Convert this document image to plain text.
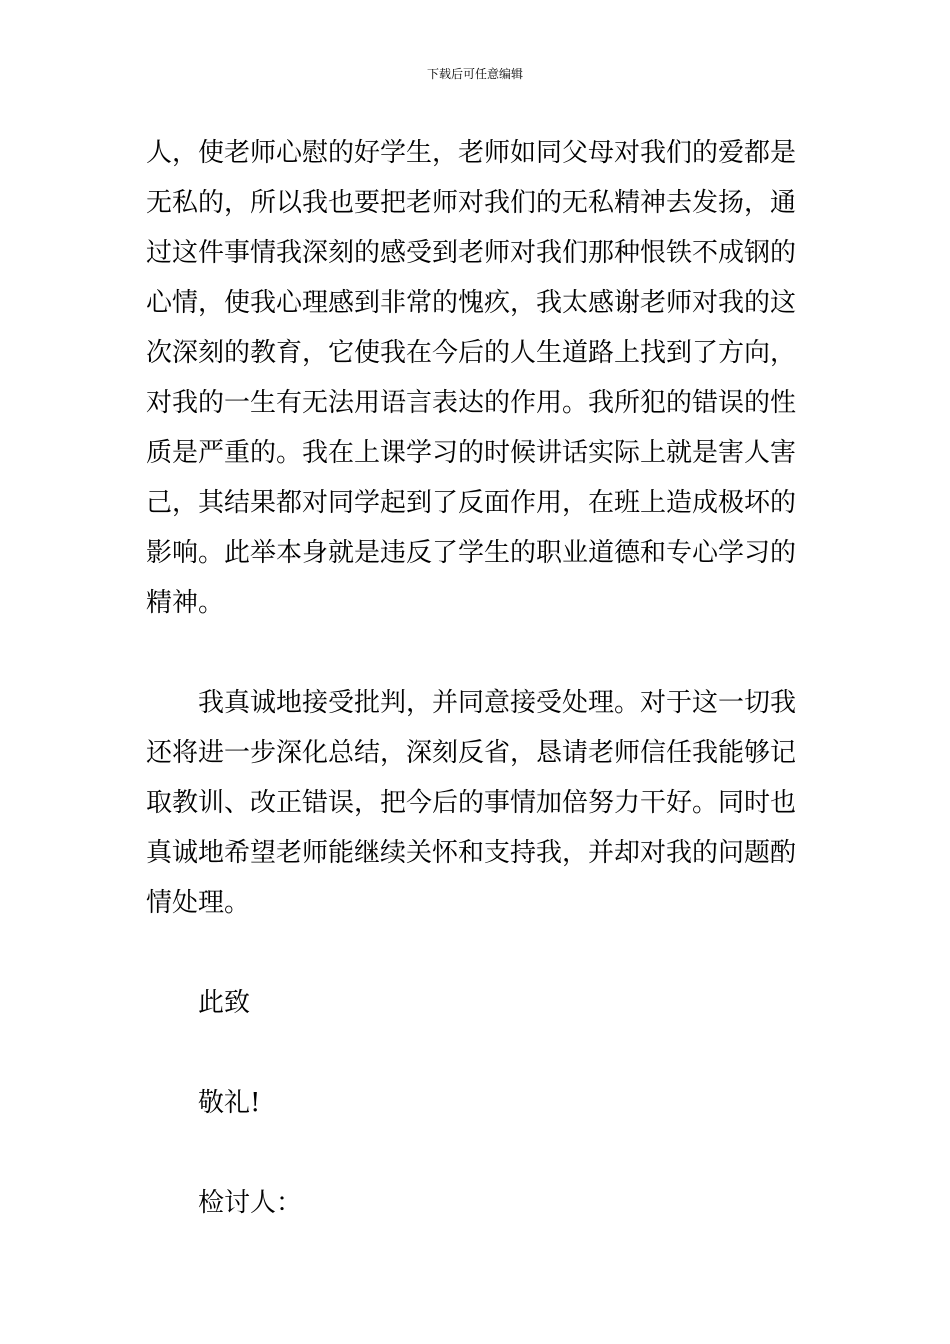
下载后可任意编辑
人，使老师心慰的好学生，老师如同父母对我们的爱都是
无私的，所以我也要把老师对我们的无私精神去发扬，通
过这件事情我深刻的感受到老师对我们那种恨铁不成钢的
心情，使我心理感到非常的愧疚，我太感谢老师对我的这
次深刻的教育，它使我在今后的人生道路上找到了方向，
对我的一生有无法用语言表达的作用。我所犯的错误的性
质是严重的。我在上课学习的时候讲话实际上就是害人害
己，其结果都对同学起到了反面作用，在班上造成极坏的
影响。此举本身就是违反了学生的职业道德和专心学习的
精神。
我真诚地接受批判，并同意接受处理。对于这一切我
还将进一步深化总结，深刻反省，恳请老师信任我能够记
取教训、改正错误，把今后的事情加倍努力干好。同时也
真诚地希望老师能继续关怀和支持我，并却对我的问题酌
情处理。
此致
敬礼!
检讨人：
